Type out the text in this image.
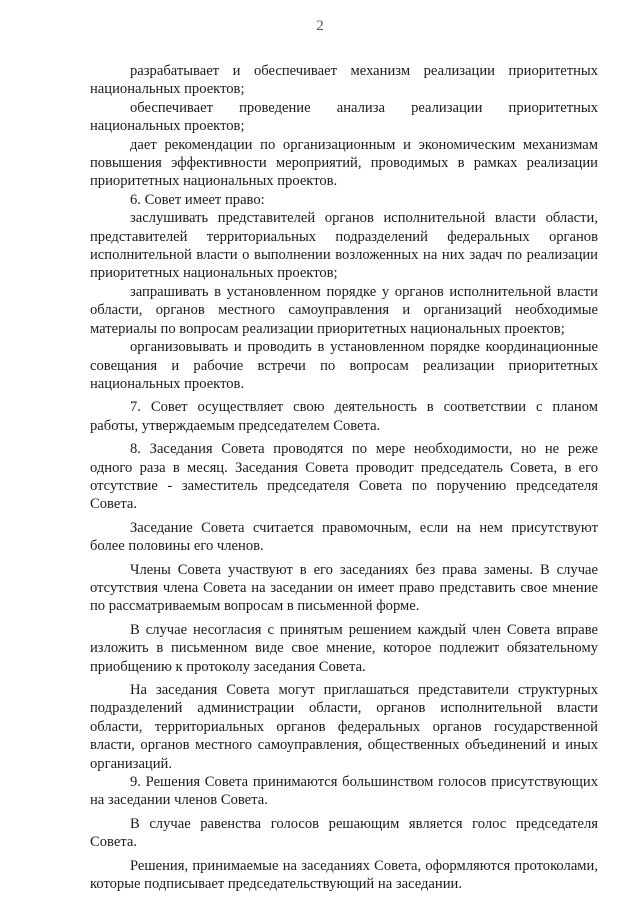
2

разрабатывает и обеспечивает механизм реализации приоритетных национальных проектов;

обеспечивает проведение анализа реализации приоритетных национальных проектов;

дает рекомендации по организационным и экономическим механизмам повышения эффективности мероприятий, проводимых в рамках реализации приоритетных национальных проектов.

6. Совет имеет право:

заслушивать представителей органов исполнительной власти области, представителей территориальных подразделений федеральных органов исполнительной власти о выполнении возложенных на них задач по реализации приоритетных национальных проектов;

запрашивать в установленном порядке у органов исполнительной власти области, органов местного самоуправления и организаций необходимые материалы по вопросам реализации приоритетных национальных проектов;

организовывать и проводить в установленном порядке координационные совещания и рабочие встречи по вопросам реализации приоритетных национальных проектов.

7. Совет осуществляет свою деятельность в соответствии с планом работы, утверждаемым председателем Совета.

8. Заседания Совета проводятся по мере необходимости, но не реже одного раза в месяц. Заседания Совета проводит председатель Совета, в его отсутствие - заместитель председателя Совета по поручению председателя Совета.

Заседание Совета считается правомочным, если на нем присутствуют более половины его членов.

Члены Совета участвуют в его заседаниях без права замены. В случае отсутствия члена Совета на заседании он имеет право представить свое мнение по рассматриваемым вопросам в письменной форме.

В случае несогласия с принятым решением каждый член Совета вправе изложить в письменном виде свое мнение, которое подлежит обязательному приобщению к протоколу заседания Совета.

На заседания Совета могут приглашаться представители структурных подразделений администрации области, органов исполнительной власти области, территориальных органов федеральных органов государственной власти, органов местного самоуправления, общественных объединений и иных организаций.

9. Решения Совета принимаются большинством голосов присутствующих на заседании членов Совета.

В случае равенства голосов решающим является голос председателя Совета.

Решения, принимаемые на заседаниях Совета, оформляются протоколами, которые подписывает председательствующий на заседании.
